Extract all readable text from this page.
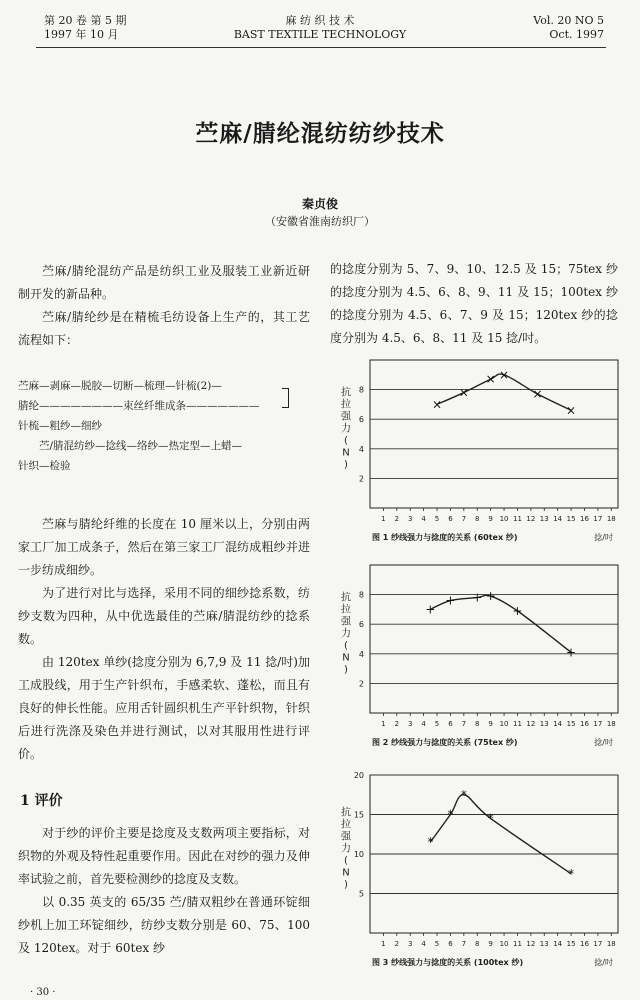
第 20 卷 第 5 期
1997 年 10 月
麻 纺 织 技 术
BAST TEXTILE TECHNOLOGY
Vol. 20 NO 5
Oct. 1997
苎麻/腈纶混纺纺纱技术
秦贞俊
（安徽省淮南纺织厂）

苎麻/腈纶混纺产品是纺织工业及服装工业新近研制开发的新品种。

苎麻/腈纶纱是在精梳毛纺设备上生产的，其工艺流程如下：

苎麻—剥麻—脱胶—切断—梳理—针梳(2)—
腈纶————————束丝纤维成条———————
针梳—粗纱—细纱
苎/腈混纺纱—捻线—络纱—热定型—上蜡—
针织—检验

苎麻与腈纶纤维的长度在 10 厘米以上，分别由两家工厂加工成条子，然后在第三家工厂混纺成粗纱并进一步纺成细纱。

为了进行对比与选择，采用不同的细纱捻系数，纺纱支数为四种，从中优选最佳的苎麻/腈混纺纱的捻系数。

由 120tex 单纱(捻度分别为 6,7,9 及 11 捻/吋)加工成股线，用于生产针织布，手感柔软、蓬松，而且有良好的伸长性能。应用舌针圆织机生产平针织物，针织后进行洗涤及染色并进行测试，以对其服用性进行评价。

1 评价

对于纱的评价主要是捻度及支数两项主要指标，对织物的外观及特性起重要作用。因此在对纱的强力及伸率试验之前，首先要检测纱的捻度及支数。

以 0.35 英支的 65/35 苎/腈双粗纱在普通环锭细纱机上加工环锭细纱，纺纱支数分别是 60、75、100 及 120tex。对于 60tex 纱

· 30 ·

的捻度分别为 5、7、9、10、12.5 及 15；75tex 纱的捻度分别为 4.5、6、8、9、11 及 15；100tex 纱的捻度分别为 4.5、6、7、9 及 15；120tex 纱的捻度分别为 4.5、6、8、11 及 15 捻/吋。

2
4
6
8
1 2 3 4 5 6 7 8 9 10 11 12 13 14 15 16 17 18
抗拉强力( N )
捻/吋
图 1 纱线强力与捻度的关系 (60tex 纱)
×
×
× ×
×
×
2
4
6
8
1 2 3 4 5 6 7 8 9 10 11 12 13 14 15 16 17 18
抗拉强力( N )
捻/吋
图 2 纱线强力与捻度的关系 (75tex 纱)
+
+ + +
+
+
5
10
15
20
1 2 3 4 5 6 7 8 9 10 11 12 13 14 15 16 17 18
抗拉强力( N )
捻/吋
图 3 纱线强力与捻度的关系 (100tex 纱)
*
*
*
*
*
